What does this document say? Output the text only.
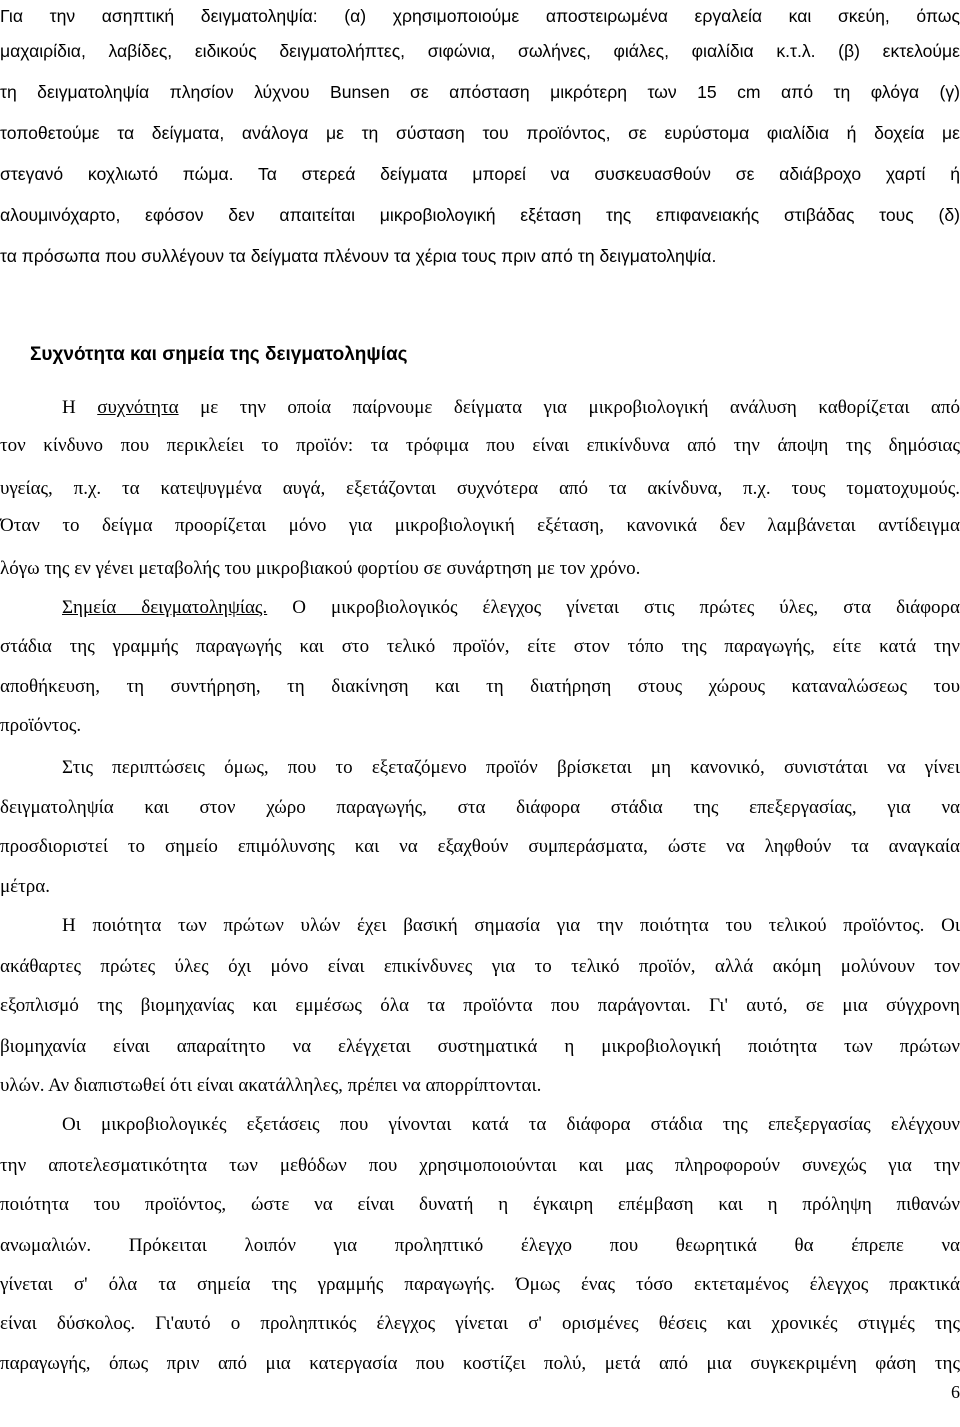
Για την ασηπτική δειγματοληψία: (α) χρησιμοποιούμε αποστειρωμένα εργαλεία και σκεύη, όπως
μαχαιρίδια, λαβίδες, ειδικούς δειγματολήπτες, σιφώνια, σωλήνες, φιάλες, φιαλίδια κ.τ.λ. (β) εκτελούμε
τη δειγματοληψία πλησίον λύχνου Bunsen σε απόσταση μικρότερη των 15 cm από τη φλόγα (γ)
τοποθετούμε τα δείγματα, ανάλογα με τη σύσταση του προϊόντος, σε ευρύστομα φιαλίδια ή δοχεία με
στεγανό κοχλιωτό πώμα. Τα στερεά δείγματα μπορεί να συσκευασθούν σε αδιάβροχο χαρτί ή
αλουμινόχαρτο, εφόσον δεν απαιτείται μικροβιολογική εξέταση της επιφανειακής στιβάδας τους (δ)
τα πρόσωπα που συλλέγουν τα δείγματα πλένουν τα χέρια τους πριν από τη δειγματοληψία.
Συχνότητα και σημεία της δειγματοληψίας
Η συχνότητα με την οποία παίρνουμε δείγματα για μικροβιολογική ανάλυση καθορίζεται από
τον κίνδυνο που περικλείει το προϊόν: τα τρόφιμα που είναι επικίνδυνα από την άποψη της δημόσιας
υγείας, π.χ. τα κατεψυγμένα αυγά, εξετάζονται συχνότερα από τα ακίνδυνα, π.χ. τους τοματοχυμούς.
Όταν το δείγμα προορίζεται μόνο για μικροβιολογική εξέταση, κανονικά δεν λαμβάνεται αντίδειγμα
λόγω της εν γένει μεταβολής του μικροβιακού φορτίου σε συνάρτηση με τον χρόνο.
Σημεία δειγματοληψίας. Ο μικροβιολογικός έλεγχος γίνεται στις πρώτες ύλες, στα διάφορα
στάδια της γραμμής παραγωγής και στο τελικό προϊόν, είτε στον τόπο της παραγωγής, είτε κατά την
αποθήκευση, τη συντήρηση, τη διακίνηση και τη διατήρηση στους χώρους καταναλώσεως του
προϊόντος.
Στις περιπτώσεις όμως, που το εξεταζόμενο προϊόν βρίσκεται μη κανονικό, συνιστάται να γίνει
δειγματοληψία και στον χώρο παραγωγής, στα διάφορα στάδια της επεξεργασίας, για να
προσδιοριστεί το σημείο επιμόλυνσης και να εξαχθούν συμπεράσματα, ώστε να ληφθούν τα αναγκαία
μέτρα.
Η ποιότητα των πρώτων υλών έχει βασική σημασία για την ποιότητα του τελικού προϊόντος. Οι
ακάθαρτες πρώτες ύλες όχι μόνο είναι επικίνδυνες για το τελικό προϊόν, αλλά ακόμη μολύνουν τον
εξοπλισμό της βιομηχανίας και εμμέσως όλα τα προϊόντα που παράγονται. Γι' αυτό, σε μια σύγχρονη
βιομηχανία είναι απαραίτητο να ελέγχεται συστηματικά η μικροβιολογική ποιότητα των πρώτων
υλών. Αν διαπιστωθεί ότι είναι ακατάλληλες, πρέπει να απορρίπτονται.
Οι μικροβιολογικές εξετάσεις που γίνονται κατά τα διάφορα στάδια της επεξεργασίας ελέγχουν
την αποτελεσματικότητα των μεθόδων που χρησιμοποιούνται και μας πληροφορούν συνεχώς για την
ποιότητα του προϊόντος, ώστε να είναι δυνατή η έγκαιρη επέμβαση και η πρόληψη πιθανών
ανωμαλιών. Πρόκειται λοιπόν για προληπτικό έλεγχο που θεωρητικά θα έπρεπε να
γίνεται σ' όλα τα σημεία της γραμμής παραγωγής. Όμως ένας τόσο εκτεταμένος έλεγχος πρακτικά
είναι δύσκολος. Γι'αυτό ο προληπτικός έλεγχος γίνεται σ' ορισμένες θέσεις και χρονικές στιγμές της
παραγωγής, όπως πριν από μια κατεργασία που κοστίζει πολύ, μετά από μια συγκεκριμένη φάση της
6
